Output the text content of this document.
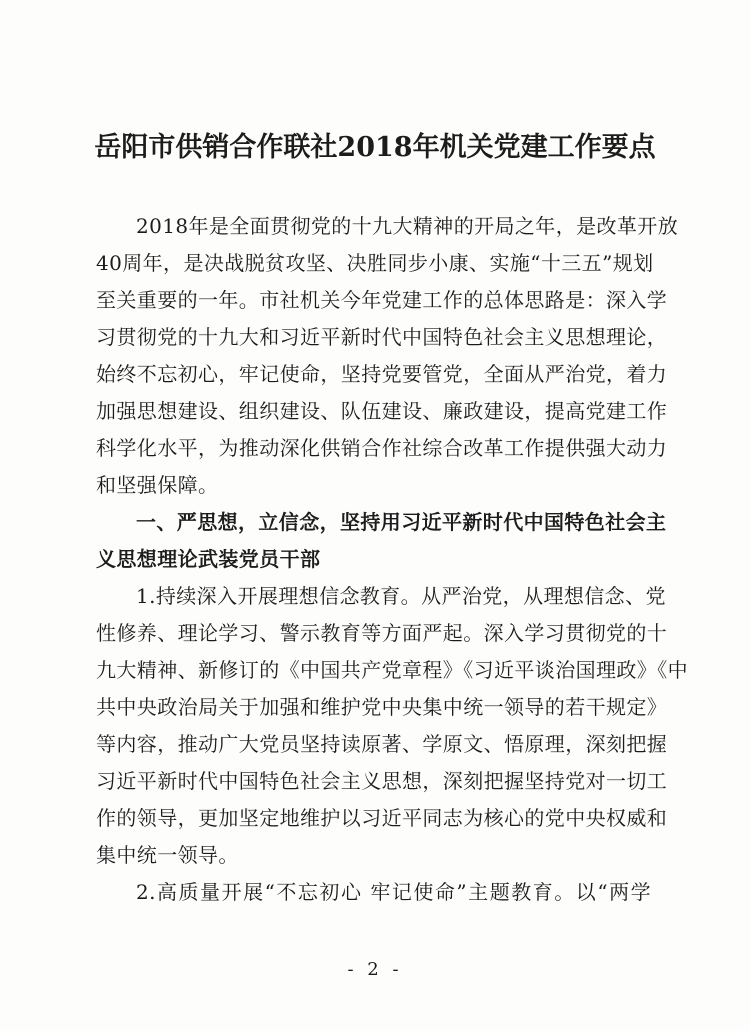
岳阳市供销合作联社2018年机关党建工作要点
2018年是全面贯彻党的十九大精神的开局之年，是改革开放
40周年，是决战脱贫攻坚、决胜同步小康、实施“十三五”规划
至关重要的一年。市社机关今年党建工作的总体思路是：深入学
习贯彻党的十九大和习近平新时代中国特色社会主义思想理论，
始终不忘初心，牢记使命，坚持党要管党，全面从严治党，着力
加强思想建设、组织建设、队伍建设、廉政建设，提高党建工作
科学化水平，为推动深化供销合作社综合改革工作提供强大动力
和坚强保障。
一、严思想，立信念，坚持用习近平新时代中国特色社会主
义思想理论武装党员干部
1.持续深入开展理想信念教育。从严治党，从理想信念、党
性修养、理论学习、警示教育等方面严起。深入学习贯彻党的十
九大精神、新修订的《中国共产党章程》《习近平谈治国理政》《中
共中央政治局关于加强和维护党中央集中统一领导的若干规定》
等内容，推动广大党员坚持读原著、学原文、悟原理，深刻把握
习近平新时代中国特色社会主义思想，深刻把握坚持党对一切工
作的领导，更加坚定地维护以习近平同志为核心的党中央权威和
集中统一领导。
2.高质量开展“不忘初心 牢记使命”主题教育。以“两学
- 2 -
